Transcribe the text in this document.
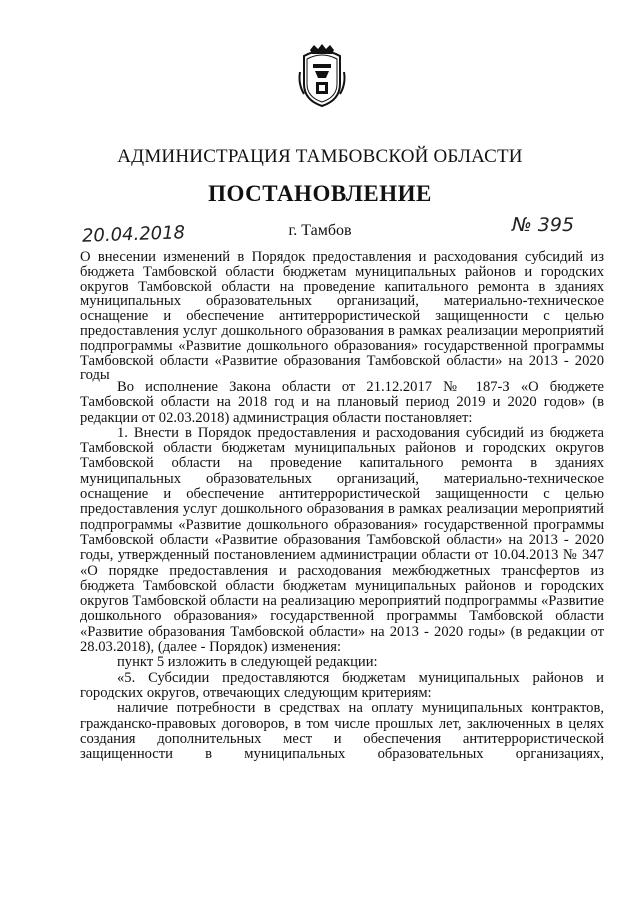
АДМИНИСТРАЦИЯ ТАМБОВСКОЙ ОБЛАСТИ
ПОСТАНОВЛЕНИЕ
20.04.2018	г. Тамбов	№ 395
О внесении изменений в Порядок предоставления и расходования субсидий из бюджета Тамбовской области бюджетам муниципальных районов и городских округов Тамбовской области на проведение капитального ремонта в зданиях муниципальных образовательных организаций, материально-техническое оснащение и обеспечение антитеррористической защищенности с целью предоставления услуг дошкольного образования в рамках реализации мероприятий подпрограммы «Развитие дошкольного образования» государственной программы Тамбовской области «Развитие образования Тамбовской области» на 2013 - 2020 годы

Во исполнение Закона области от 21.12.2017 № 187-З «О бюджете Тамбовской области на 2018 год и на плановый период 2019 и 2020 годов» (в редакции от 02.03.2018) администрация области постановляет:

1. Внести в Порядок предоставления и расходования субсидий из бюджета Тамбовской области бюджетам муниципальных районов и городских округов Тамбовской области на проведение капитального ремонта в зданиях муниципальных образовательных организаций, материально-техническое оснащение и обеспечение антитеррористической защищенности с целью предоставления услуг дошкольного образования в рамках реализации мероприятий подпрограммы «Развитие дошкольного образования» государственной программы Тамбовской области «Развитие образования Тамбовской области» на 2013 - 2020 годы, утвержденный постановлением администрации области от 10.04.2013 № 347 «О порядке предоставления и расходования межбюджетных трансфертов из бюджета Тамбовской области бюджетам муниципальных районов и городских округов Тамбовской области на реализацию мероприятий подпрограммы «Развитие дошкольного образования» государственной программы Тамбовской области «Развитие образования Тамбовской области» на 2013 - 2020 годы» (в редакции от 28.03.2018), (далее - Порядок) изменения:

пункт 5 изложить в следующей редакции:

«5. Субсидии предоставляются бюджетам муниципальных районов и городских округов, отвечающих следующим критериям:

наличие потребности в средствах на оплату муниципальных контрактов, гражданско-правовых договоров, в том числе прошлых лет, заключенных в целях создания дополнительных мест и обеспечения антитеррористической защищенности в муниципальных образовательных организациях,
